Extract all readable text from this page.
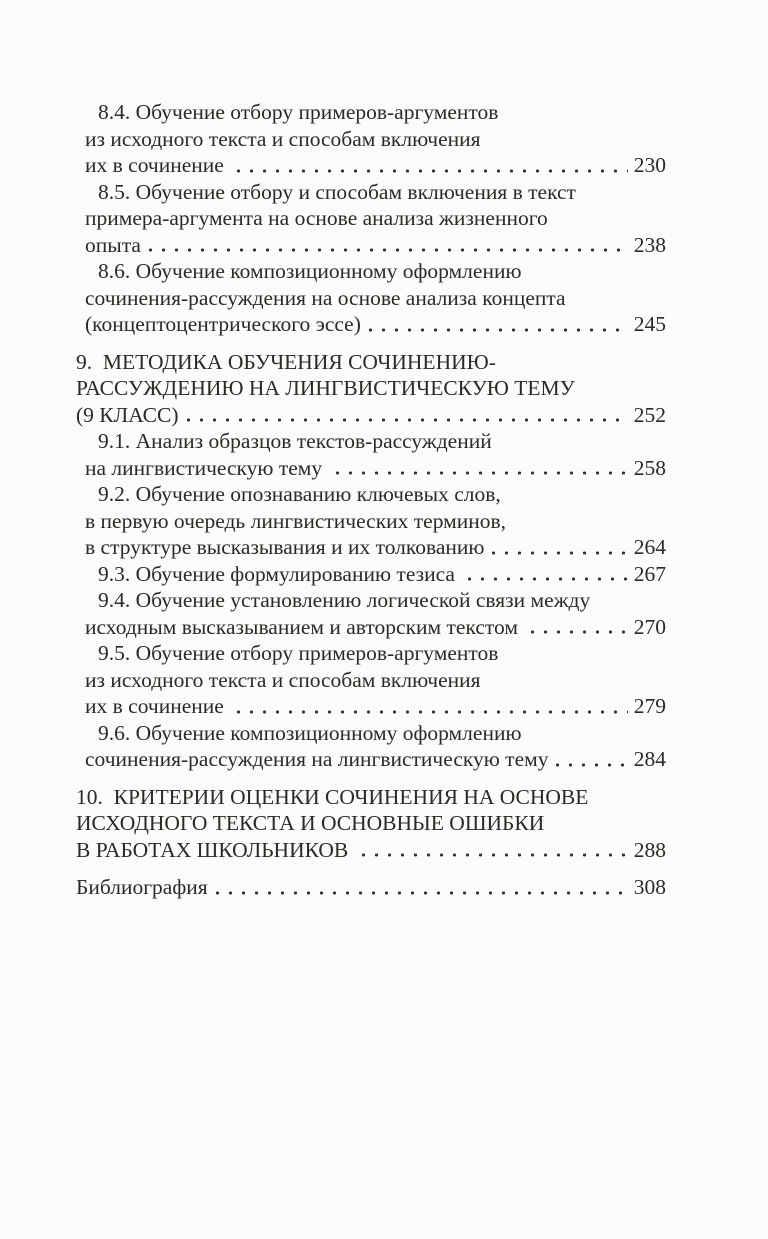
8.4. Обучение отбору примеров-аргументов
из исходного текста и способам включения
их в сочинение	230
8.5. Обучение отбору и способам включения в текст
примера-аргумента на основе анализа жизненного
опыта	238
8.6. Обучение композиционному оформлению
сочинения-рассуждения на основе анализа концепта
(концептоцентрического эссе)	245
9.  МЕТОДИКА ОБУЧЕНИЯ СОЧИНЕНИЮ-
РАССУЖДЕНИЮ НА ЛИНГВИСТИЧЕСКУЮ ТЕМУ
(9 КЛАСС)	252
9.1. Анализ образцов текстов-рассуждений
на лингвистическую тему	258
9.2. Обучение опознаванию ключевых слов,
в первую очередь лингвистических терминов,
в структуре высказывания и их толкованию	264
9.3. Обучение формулированию тезиса	267
9.4. Обучение установлению логической связи между
исходным высказыванием и авторским текстом	270
9.5. Обучение отбору примеров-аргументов
из исходного текста и способам включения
их в сочинение	279
9.6. Обучение композиционному оформлению
сочинения-рассуждения на лингвистическую тему	284
10.  КРИТЕРИИ ОЦЕНКИ СОЧИНЕНИЯ НА ОСНОВЕ
ИСХОДНОГО ТЕКСТА И ОСНОВНЫЕ ОШИБКИ
В РАБОТАХ ШКОЛЬНИКОВ	288
Библиография	308
